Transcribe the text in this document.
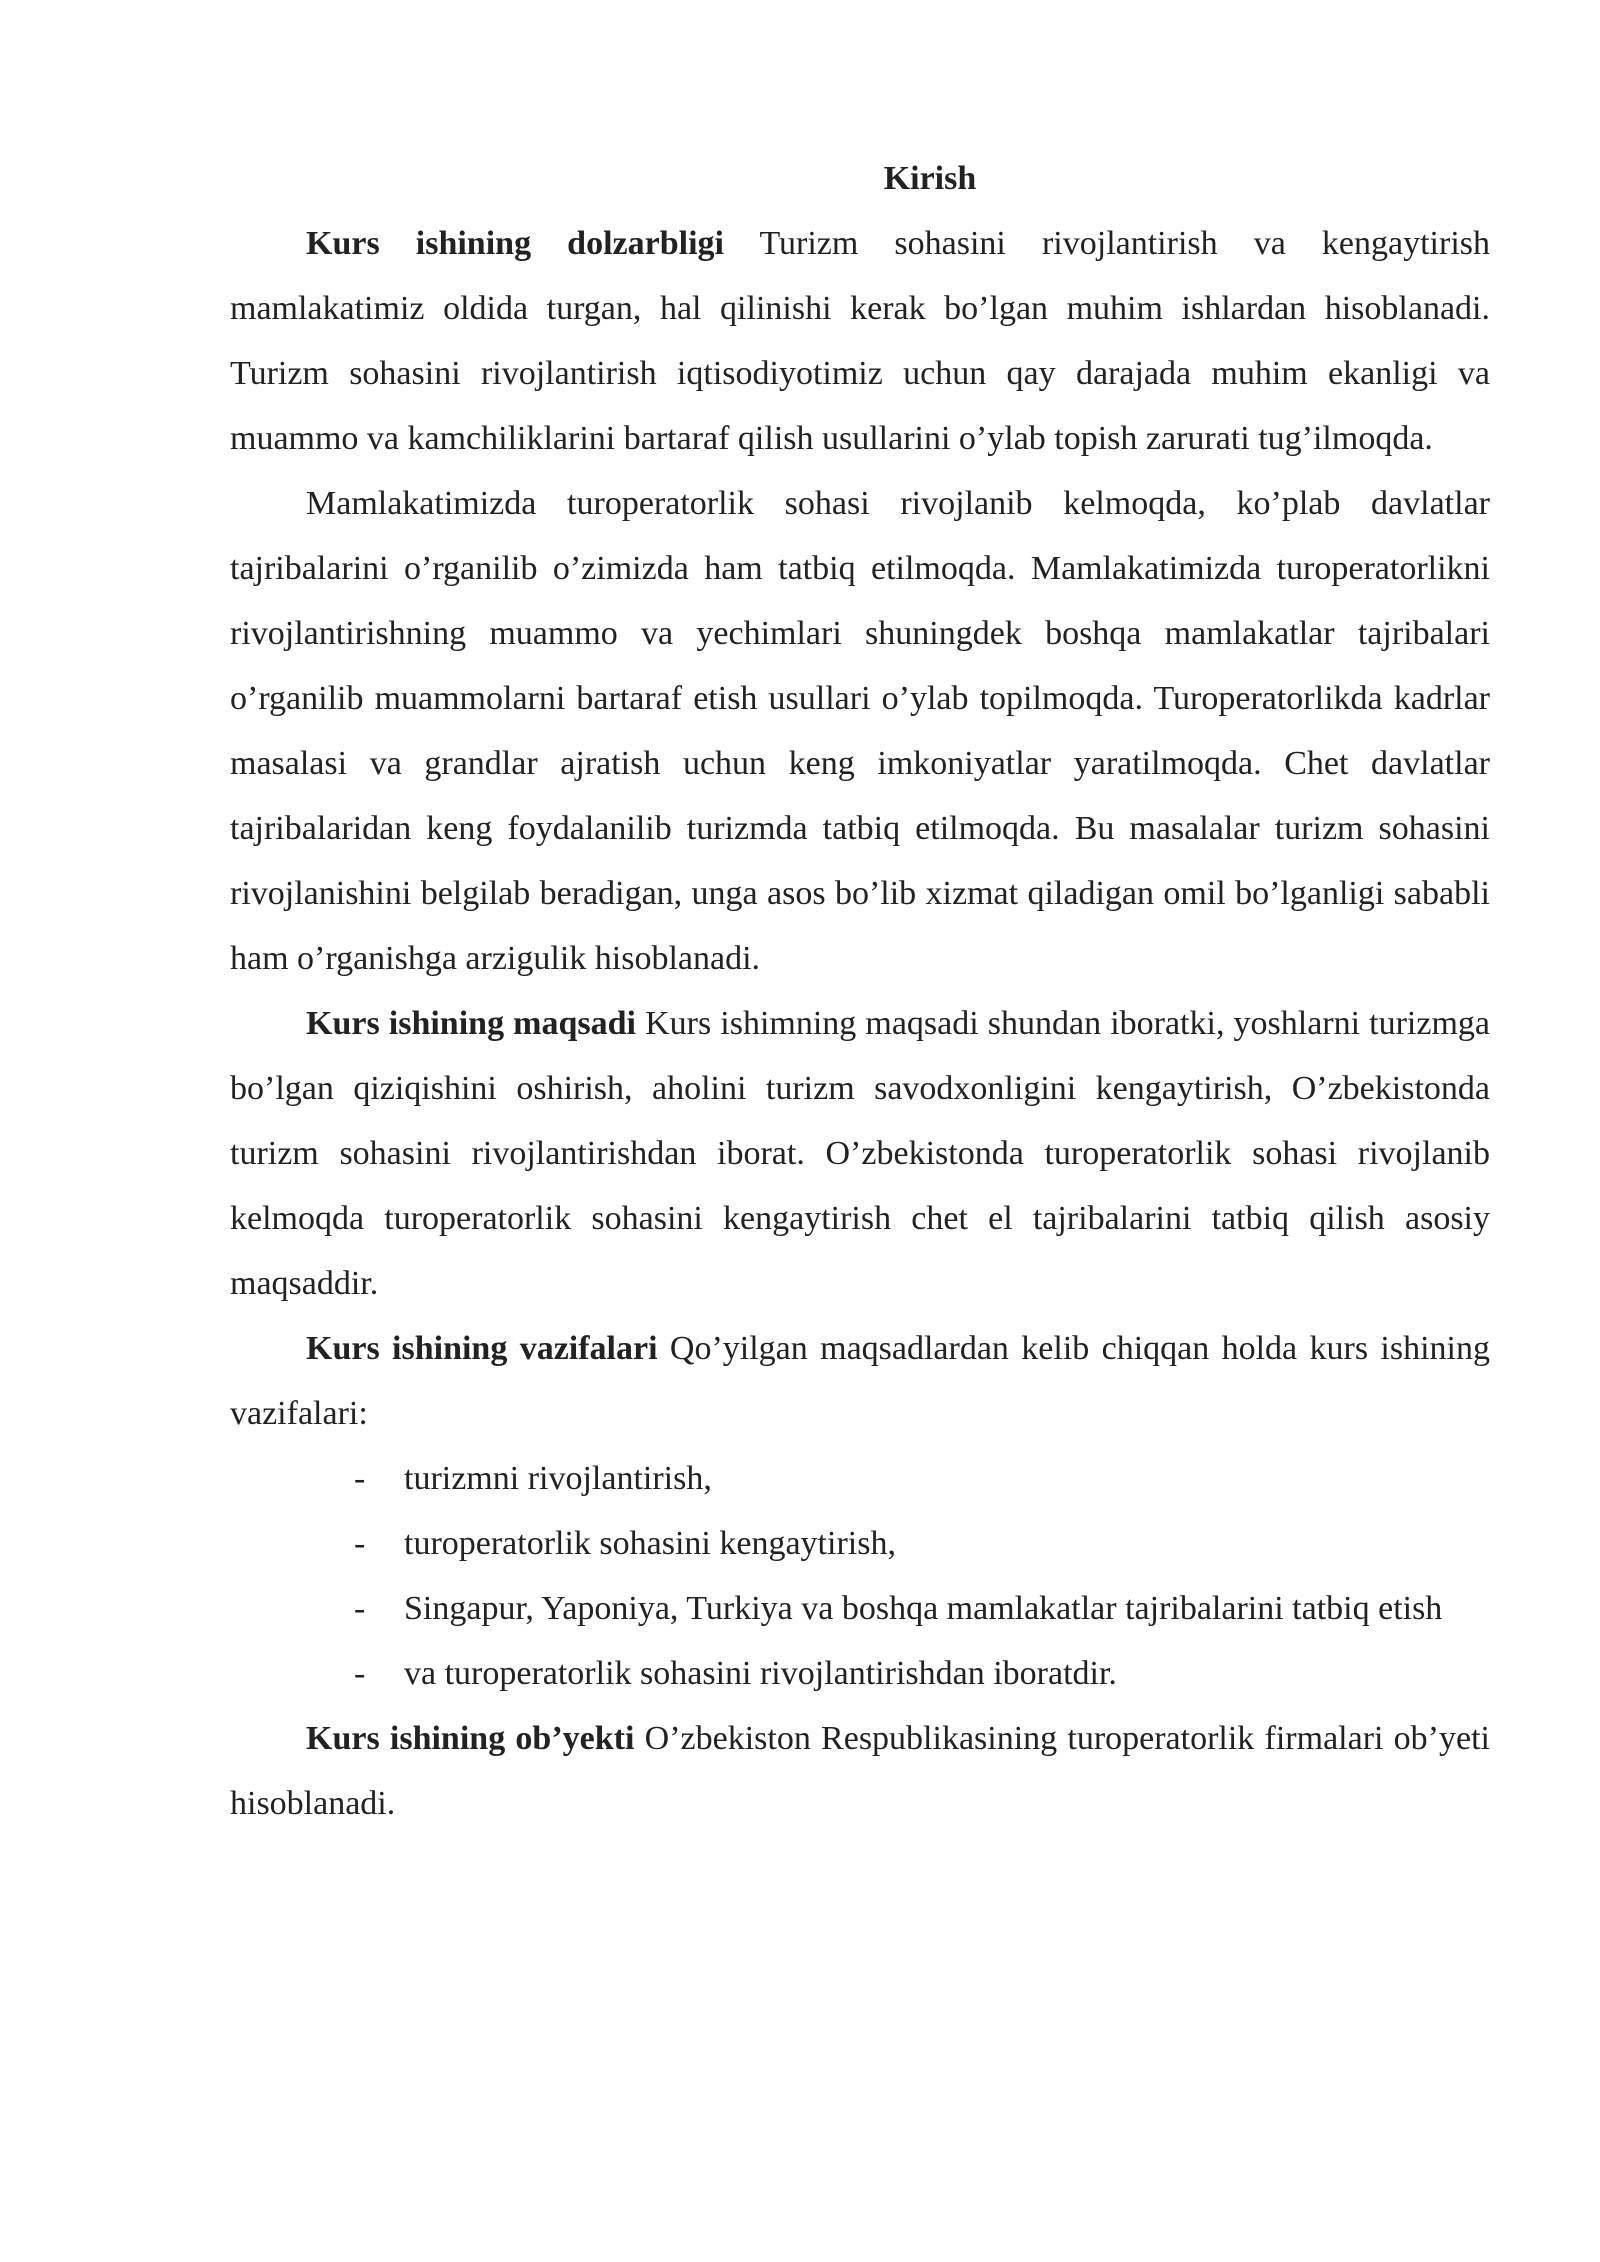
Kirish

Kurs ishining dolzarbligi Turizm sohasini rivojlantirish va kengaytirish mamlakatimiz oldida turgan, hal qilinishi kerak bo’lgan muhim ishlardan hisoblanadi. Turizm sohasini rivojlantirish iqtisodiyotimiz uchun qay darajada muhim ekanligi va muammo va kamchiliklarini bartaraf qilish usullarini o’ylab topish zarurati tug’ilmoqda.

Mamlakatimizda turoperatorlik sohasi rivojlanib kelmoqda, ko’plab davlatlar tajribalarini o’rganilib o’zimizda ham tatbiq etilmoqda. Mamlakatimizda turoperatorlikni rivojlantirishning muammo va yechimlari shuningdek boshqa mamlakatlar tajribalari o’rganilib muammolarni bartaraf etish usullari o’ylab topilmoqda. Turoperatorlikda kadrlar masalasi va grandlar ajratish uchun keng imkoniyatlar yaratilmoqda. Chet davlatlar tajribalaridan keng foydalanilib turizmda tatbiq etilmoqda. Bu masalalar turizm sohasini rivojlanishini belgilab beradigan, unga asos bo’lib xizmat qiladigan omil bo’lganligi sababli ham o’rganishga arzigulik hisoblanadi.

Kurs ishining maqsadi Kurs ishimning maqsadi shundan iboratki, yoshlarni turizmga bo’lgan qiziqishini oshirish, aholini turizm savodxonligini kengaytirish, O’zbekistonda turizm sohasini rivojlantirishdan iborat. O’zbekistonda turoperatorlik sohasi rivojlanib kelmoqda turoperatorlik sohasini kengaytirish chet el tajribalarini tatbiq qilish asosiy maqsaddir.

Kurs ishining vazifalari Qo’yilgan maqsadlardan kelib chiqqan holda kurs ishining vazifalari:

- turizmni rivojlantirish,
- turoperatorlik sohasini kengaytirish,
- Singapur, Yaponiya, Turkiya va boshqa mamlakatlar tajribalarini tatbiq etish
- va turoperatorlik sohasini rivojlantirishdan iboratdir.

Kurs ishining ob’yekti O’zbekiston Respublikasining turoperatorlik firmalari ob’yeti hisoblanadi.
